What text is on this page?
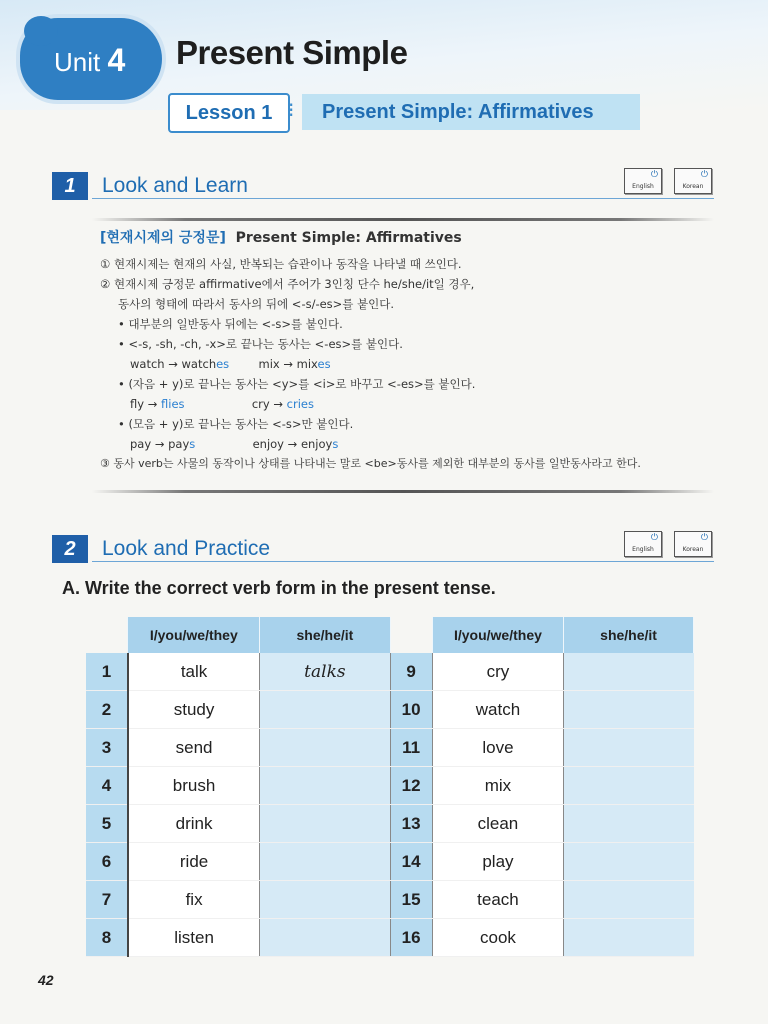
Unit 4 Present Simple
Lesson 1 ⁝	Present Simple: Affirmatives
1	Look and Learn	⏻
English
⏻
Korean
[현재시제의 긍정문] Present Simple: Affirmatives
① 현재시제는 현재의 사실, 반복되는 습관이나 동작을 나타낼 때 쓰인다.
② 현재시제 긍정문 affirmative에서 주어가 3인칭 단수 he/she/it일 경우,
동사의 형태에 따라서 동사의 뒤에 <-s/-es>를 붙인다.
• 대부분의 일반동사 뒤에는 <-s>를 붙인다.
• <-s, -sh, -ch, -x>로 끝나는 동사는 <-es>를 붙인다.
watch → watches	mix → mixes
• (자음 + y)로 끝나는 동사는 <y>를 <i>로 바꾸고 <-es>를 붙인다.
fly → flies	cry → cries
• (모음 + y)로 끝나는 동사는 <-s>만 붙인다.
pay → pays	enjoy → enjoys
③ 동사 verb는 사물의 동작이나 상태를 나타내는 말로 <be>동사를 제외한 대부분의 동사를 일반동사라고 한다.
2	Look and Practice	⏻
English
⏻
Korean
A. Write the correct verb form in the present tense.
	I/you/we/they	she/he/it		I/you/we/they	she/he/it
1	talk	talks	9	cry	
2	study		10	watch	
3	send		11	love	
4	brush		12	mix	
5	drink		13	clean	
6	ride		14	play	
7	fix		15	teach	
8	listen		16	cook	
42
